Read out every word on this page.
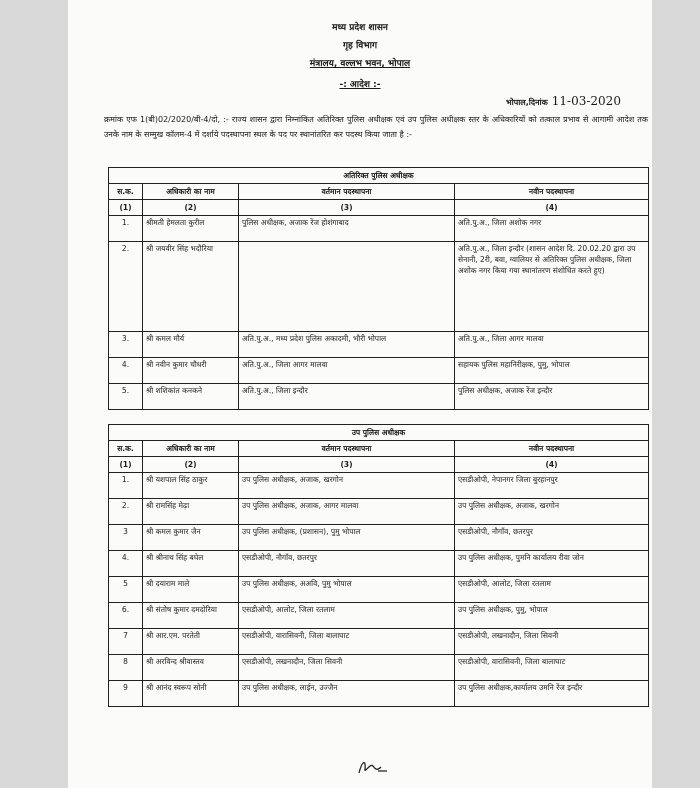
मध्य प्रदेश शासन
गृह विभाग
मंत्रालय, वल्लभ भवन, भोपाल
-: आदेश :-
भोपाल,दिनांक 11-03-2020
क्रमांक एफ 1(बी)02/2020/बी-4/दो, :- राज्य शासन द्वारा निम्नांकित अतिरिक्त पुलिस अधीक्षक एवं उप पुलिस अधीक्षक स्तर के अधिकारियों को तत्काल प्रभाव से आगामी आदेश तक उनके नाम के सम्मुख कॉलम-4 में दर्शाये पदस्थापना स्थल के पद पर स्थानांतरित कर पदस्थ किया जाता है :-
अतिरिक्त पुलिस अधीक्षक			
स.क.	अधिकारी का नाम	वर्तमान पदस्थापना	नवीन पदस्थापना
(1)	(2)	(3)	(4)
1.	श्रीमती हेमलता कुरील	पुलिस अधीक्षक, अजाक रेंज होशंगाबाद	अति.पु.अ., जिला अशोक नगर
2.	श्री जयवीर सिंह भदौरिया		अति.पु.अ., जिला इन्दौर (शासन आदेश दि. 20.02.20 द्वारा उप सेनानी, 2री, बवा, ग्वालियर से अतिरिक्त पुलिस अधीक्षक, जिला अशोक नगर किया गया स्थानांतरण संशोधित करते हुए)
3.	श्री कमल मौर्य	अति.पु.अ., मध्य प्रदेश पुलिस अकादमी, भौरी भोपाल	अति.पु.अ., जिला आगर मालवा
4.	श्री नवीन कुमार चौधरी	अति.पु.अ., जिला आगर मालवा	सहायक पुलिस महानिरीक्षक, पुमु, भोपाल
5.	श्री शशिकांत कनकने	अति.पु.अ., जिला इन्दौर	पुलिस अधीक्षक, अजाक रेंज इन्दौर
उप पुलिस अधीक्षक			
स.क.	अधिकारी का नाम	वर्तमान पदस्थापना	नवीन पदस्थापना
(1)	(2)	(3)	(4)
1.	श्री यशपाल सिंह ठाकुर	उप पुलिस अधीक्षक, अजाक, खरगोन	एसडीओपी, नेपानगर जिला बुरहानपुर
2.	श्री रामसिंह मेढ़ा	उप पुलिस अधीक्षक, अजाक, आगर मालवा	उप पुलिस अधीक्षक, अजाक, खरगोन
3	श्री कमल कुमार जैन	उप पुलिस अधीक्षक, (प्रशासन), पुमु भोपाल	एसडीओपी, नौगाँव, छतरपुर
4.	श्री श्रीनाथ सिंह बघेल	एसडीओपी, नौगाँव, छतरपुर	उप पुलिस अधीक्षक, पुमनि कार्यालय रीवा जोन
5	श्री दयाराम माले	उप पुलिस अधीक्षक, अअवि, पुमु भोपाल	एसडीओपी, आलोट, जिला रतलाम
6.	श्री संतोष कुमार दमदोरिया	एसडीओपी, आलोट, जिला रतलाम	उप पुलिस अधीक्षक, पुमु, भोपाल
7	श्री आर.एम. परतेती	एसडीओपी, वारासिवनी, जिला बालाघाट	एसडीओपी, लखनादौन, जिला सिवनी
8	श्री अरविन्द श्रीवास्तव	एसडीओपी, लखनादौन, जिला सिवनी	एसडीओपी, वारासिवनी, जिला बालाघाट
9	श्री आनंद स्वरूप सोनी	उप पुलिस अधीक्षक, लाईन, उज्जैन	उप पुलिस अधीक्षक,कार्यालय उमनि रेंज इन्दौर
